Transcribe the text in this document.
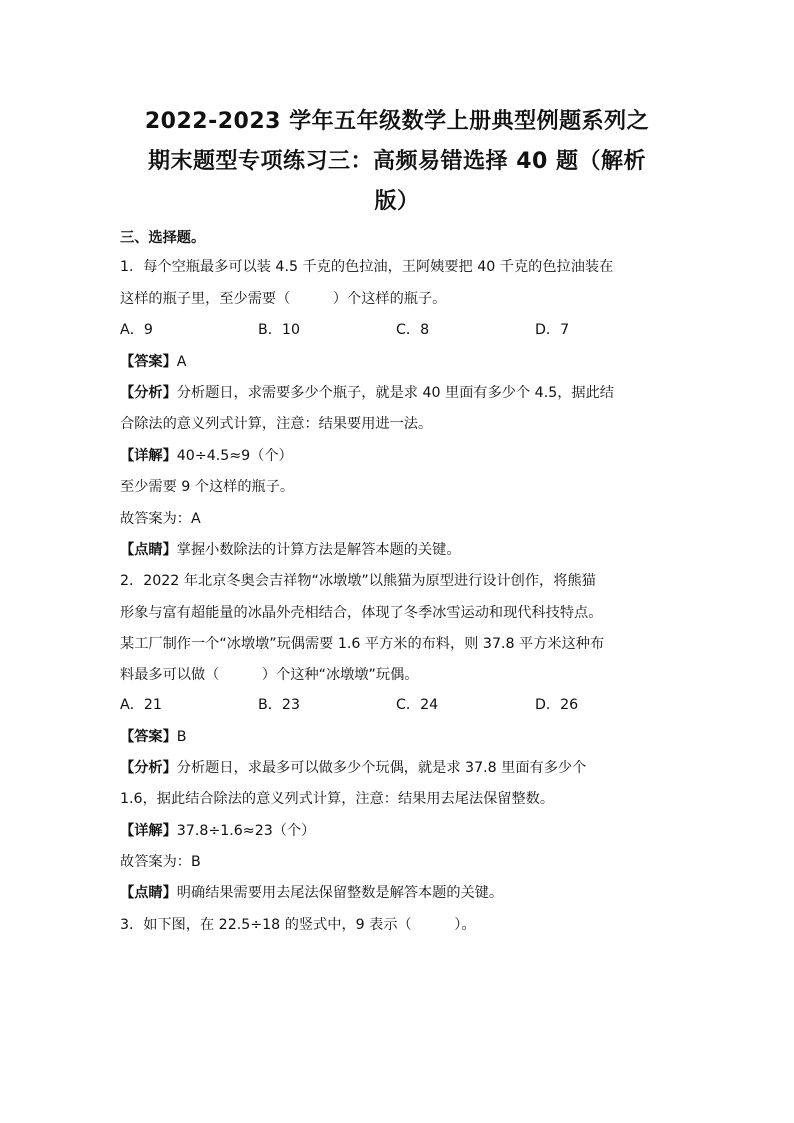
2022-2023 学年五年级数学上册典型例题系列之
期末题型专项练习三：高频易错选择 40 题（解析
版）
三、选择题。
1．每个空瓶最多可以装 4.5 千克的色拉油，王阿姨要把 40 千克的色拉油装在
这样的瓶子里，至少需要（　　　）个这样的瓶子。
A．9	B．10	C．8	D．7
【答案】A
【分析】分析题日，求需要多少个瓶子，就是求 40 里面有多少个 4.5，据此结
合除法的意义列式计算，注意：结果要用进一法。
【详解】40÷4.5≈9（个）
至少需要 9 个这样的瓶子。
故答案为：A
【点睛】掌握小数除法的计算方法是解答本题的关键。
2．2022 年北京冬奥会吉祥物“冰墩墩”以熊猫为原型进行设计创作，将熊猫
形象与富有超能量的冰晶外壳相结合，体现了冬季冰雪运动和现代科技特点。
某工厂制作一个“冰墩墩”玩偶需要 1.6 平方米的布料，则 37.8 平方米这种布
料最多可以做（　　　）个这种“冰墩墩”玩偶。
A．21	B．23	C．24	D．26
【答案】B
【分析】分析题日，求最多可以做多少个玩偶，就是求 37.8 里面有多少个
1.6，据此结合除法的意义列式计算，注意：结果用去尾法保留整数。
【详解】37.8÷1.6≈23（个）
故答案为：B
【点睛】明确结果需要用去尾法保留整数是解答本题的关键。
3．如下图，在 22.5÷18 的竖式中，9 表示（　　　）。
